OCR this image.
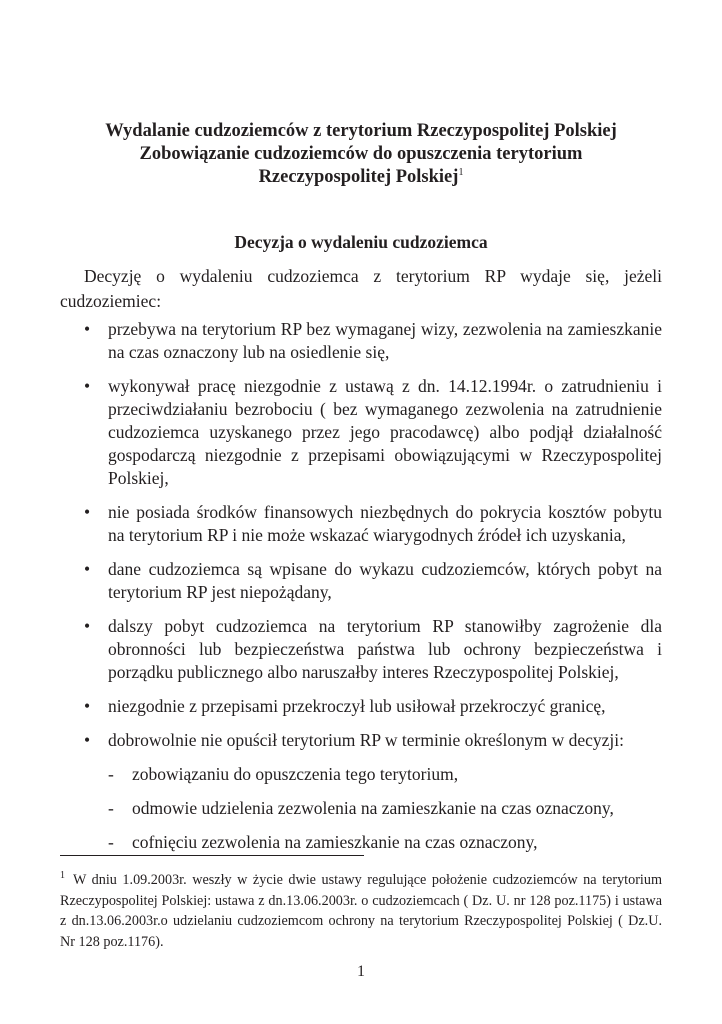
Wydalanie cudzoziemców z terytorium Rzeczypospolitej Polskiej
Zobowiązanie cudzoziemców do opuszczenia terytorium
Rzeczypospolitej Polskiej$^1$
Decyzja o wydaleniu cudzoziemca

Decyzję o wydaleniu cudzoziemca z terytorium RP wydaje się, jeżeli cudzoziemiec:

• przebywa na terytorium RP bez wymaganej wizy, zezwolenia na zamieszkanie na czas oznaczony lub na osiedlenie się,
• wykonywał pracę niezgodnie z ustawą z dn. 14.12.1994r. o zatrudnieniu i przeciwdziałaniu bezrobociu ( bez wymaganego zezwolenia na zatrudnienie cudzoziemca uzyskanego przez jego pracodawcę) albo podjął działalność gospodarczą niezgodnie z przepisami obowiązującymi w Rzeczypospolitej Polskiej,
• nie posiada środków finansowych niezbędnych do pokrycia kosztów pobytu na terytorium RP i nie może wskazać wiarygodnych źródeł ich uzyskania,
• dane cudzoziemca są wpisane do wykazu cudzoziemców, których pobyt na terytorium RP jest niepożądany,
• dalszy pobyt cudzoziemca na terytorium RP stanowiłby zagrożenie dla obronności lub bezpieczeństwa państwa lub ochrony bezpieczeństwa i porządku publicznego albo naruszałby interes Rzeczypospolitej Polskiej,
• niezgodnie z przepisami przekroczył lub usiłował przekroczyć granicę,
• dobrowolnie nie opuścił terytorium RP w terminie określonym w decyzji:
- zobowiązaniu do opuszczenia tego terytorium,
- odmowie udzielenia zezwolenia na zamieszkanie na czas oznaczony,
- cofnięciu zezwolenia na zamieszkanie na czas oznaczony,

$^1$ W dniu 1.09.2003r. weszły w życie dwie ustawy regulujące położenie cudzoziemców na terytorium Rzeczypospolitej Polskiej: ustawa z dn.13.06.2003r. o cudzoziemcach ( Dz. U. nr 128 poz.1175) i ustawa z dn.13.06.2003r.o udzielaniu cudzoziemcom ochrony na terytorium Rzeczypospolitej Polskiej ( Dz.U. Nr 128 poz.1176).

1
